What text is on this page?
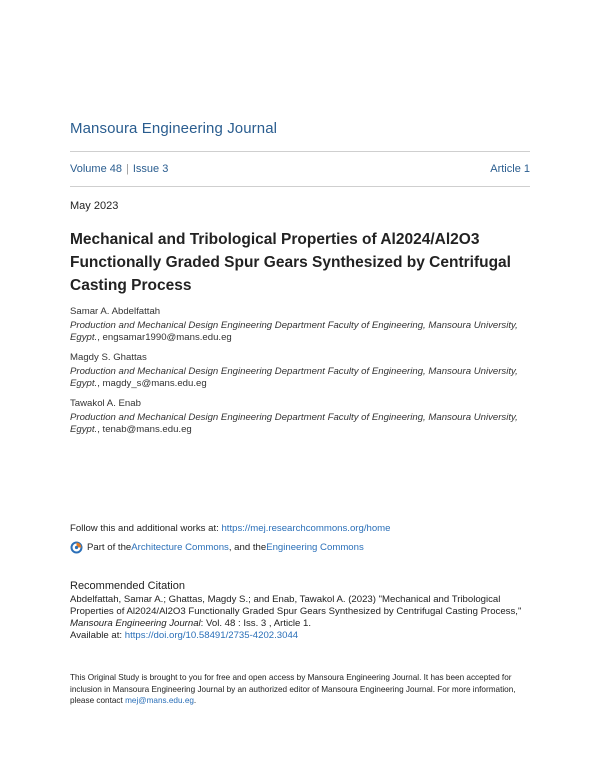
Mansoura Engineering Journal
Volume 48 | Issue 3	Article 1
May 2023
Mechanical and Tribological Properties of Al2024/Al2O3 Functionally Graded Spur Gears Synthesized by Centrifugal Casting Process
Samar A. Abdelfattah
Production and Mechanical Design Engineering Department Faculty of Engineering, Mansoura University, Egypt., engsamar1990@mans.edu.eg
Magdy S. Ghattas
Production and Mechanical Design Engineering Department Faculty of Engineering, Mansoura University, Egypt., magdy_s@mans.edu.eg
Tawakol A. Enab
Production and Mechanical Design Engineering Department Faculty of Engineering, Mansoura University, Egypt., tenab@mans.edu.eg
Follow this and additional works at: https://mej.researchcommons.org/home
Part of the Architecture Commons , and the Engineering Commons
Recommended Citation
Abdelfattah, Samar A.; Ghattas, Magdy S.; and Enab, Tawakol A. (2023) "Mechanical and Tribological Properties of Al2024/Al2O3 Functionally Graded Spur Gears Synthesized by Centrifugal Casting Process,"
Mansoura Engineering Journal: Vol. 48 : Iss. 3 , Article 1.
Available at: https://doi.org/10.58491/2735-4202.3044
This Original Study is brought to you for free and open access by Mansoura Engineering Journal. It has been accepted for inclusion in Mansoura Engineering Journal by an authorized editor of Mansoura Engineering Journal. For more information, please contact mej@mans.edu.eg.
